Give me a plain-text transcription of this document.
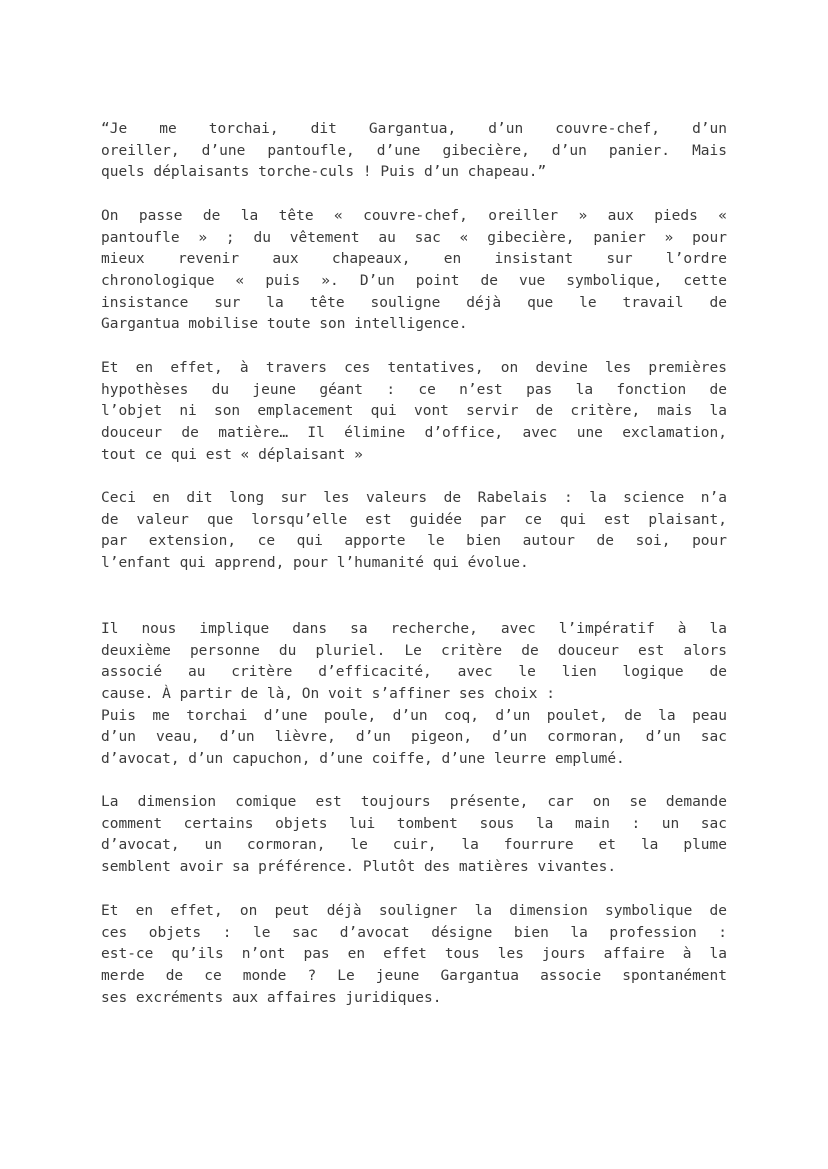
“Je me torchai, dit Gargantua, d’un couvre-chef, d’un
oreiller, d’une pantoufle, d’une gibecière, d’un panier. Mais
quels déplaisants torche-culs ! Puis d’un chapeau.”
On passe de la tête « couvre-chef, oreiller » aux pieds «
pantoufle » ; du vêtement au sac « gibecière, panier » pour
mieux revenir aux chapeaux, en insistant sur l’ordre
chronologique « puis ». D’un point de vue symbolique, cette
insistance sur la tête souligne déjà que le travail de
Gargantua mobilise toute son intelligence.
Et en effet, à travers ces tentatives, on devine les premières
hypothèses du jeune géant : ce n’est pas la fonction de
l’objet ni son emplacement qui vont servir de critère, mais la
douceur de matière… Il élimine d’office, avec une exclamation,
tout ce qui est « déplaisant »
Ceci en dit long sur les valeurs de Rabelais : la science n’a
de valeur que lorsqu’elle est guidée par ce qui est plaisant,
par extension, ce qui apporte le bien autour de soi, pour
l’enfant qui apprend, pour l’humanité qui évolue.
Il nous implique dans sa recherche, avec l’impératif à la
deuxième personne du pluriel. Le critère de douceur est alors
associé au critère d’efficacité, avec le lien logique de
cause. À partir de là, On voit s’affiner ses choix :
Puis me torchai d’une poule, d’un coq, d’un poulet, de la peau
d’un veau, d’un lièvre, d’un pigeon, d’un cormoran, d’un sac
d’avocat, d’un capuchon, d’une coiffe, d’une leurre emplumé.
La dimension comique est toujours présente, car on se demande
comment certains objets lui tombent sous la main : un sac
d’avocat, un cormoran, le cuir, la fourrure et la plume
semblent avoir sa préférence. Plutôt des matières vivantes.
Et en effet, on peut déjà souligner la dimension symbolique de
ces objets : le sac d’avocat désigne bien la profession :
est-ce qu’ils n’ont pas en effet tous les jours affaire à la
merde de ce monde ? Le jeune Gargantua associe spontanément
ses excréments aux affaires juridiques.
